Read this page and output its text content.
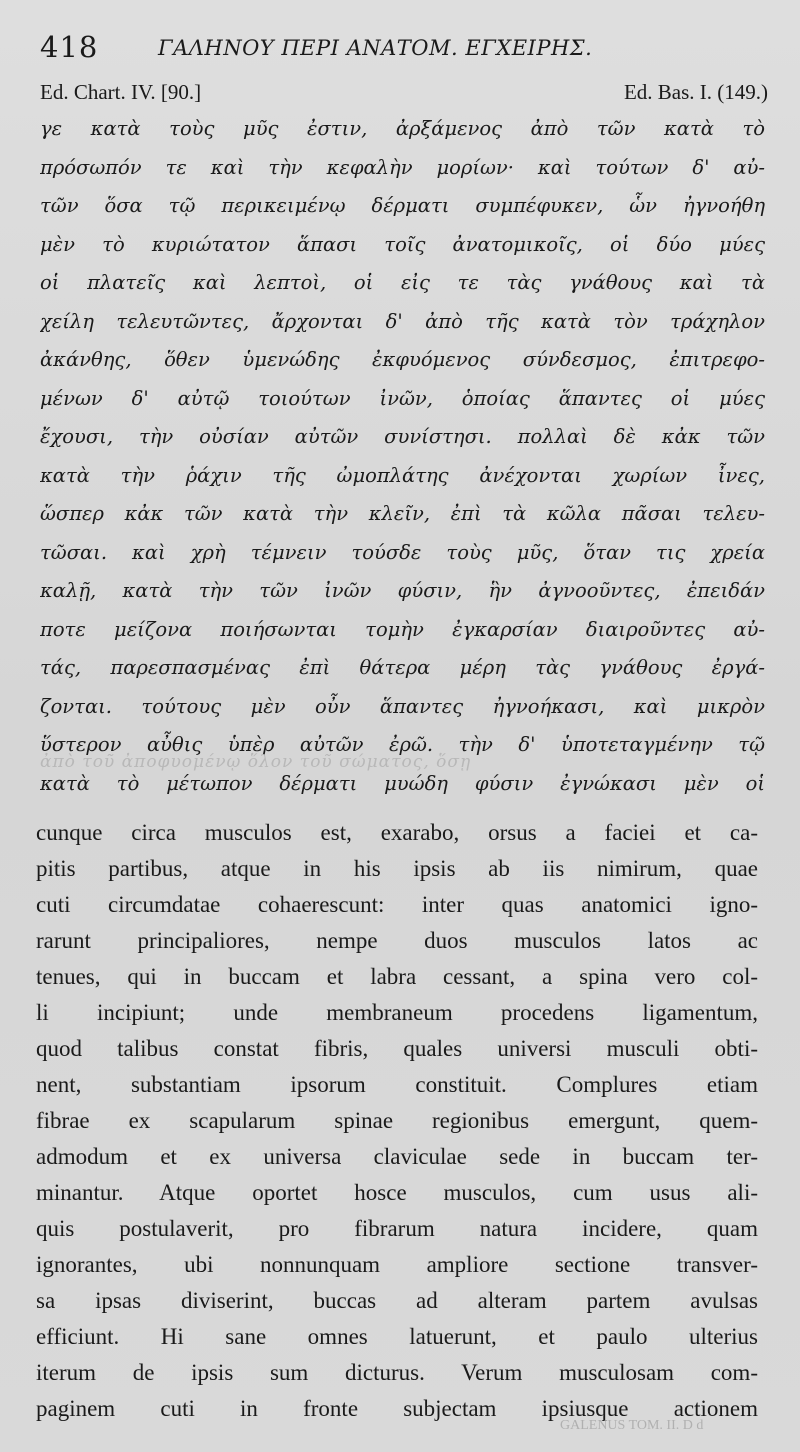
418	ΓΑΛΗΝΟΥ ΠΕΡΙ ΑΝΑΤΟΜ. ΕΓΧΕΙΡΗΣ.
Ed. Chart. IV. [90.]	Ed. Bas. I. (149.)
γε κατὰ τοὺς μῦς ἐστιν, ἀρξάμενος ἀπὸ τῶν κατὰ τὸ
πρόσωπόν τε καὶ τὴν κεφαλὴν μορίων· καὶ τούτων δ' αὐ-
τῶν ὅσα τῷ περικειμένῳ δέρματι συμπέφυκεν, ὧν ἠγνοήθη
μὲν τὸ κυριώτατον ἅπασι τοῖς ἀνατομικοῖς, οἱ δύο μύες
οἱ πλατεῖς καὶ λεπτοὶ, οἱ εἰς τε τὰς γνάθους καὶ τὰ
χείλη τελευτῶντες, ἄρχονται δ' ἀπὸ τῆς κατὰ τὸν τράχηλον
ἀκάνθης, ὅθεν ὑμενώδης ἐκφυόμενος σύνδεσμος, ἐπιτρεφο-
μένων δ' αὐτῷ τοιούτων ἰνῶν, ὁποίας ἅπαντες οἱ μύες
ἔχουσι, τὴν οὐσίαν αὐτῶν συνίστησι. πολλαὶ δὲ κἀκ τῶν
κατὰ τὴν ῥάχιν τῆς ὠμοπλάτης ἀνέχονται χωρίων ἶνες,
ὥσπερ κἀκ τῶν κατὰ τὴν κλεῖν, ἐπὶ τὰ κῶλα πᾶσαι τελευ-
τῶσαι. καὶ χρὴ τέμνειν τούσδε τοὺς μῦς, ὅταν τις χρεία
καλῇ, κατὰ τὴν τῶν ἰνῶν φύσιν, ἣν ἀγνοοῦντες, ἐπειδάν
ποτε μείζονα ποιήσωνται τομὴν ἐγκαρσίαν διαιροῦντες αὐ-
τάς, παρεσπασμένας ἐπὶ θάτερα μέρη τὰς γνάθους ἐργά-
ζονται. τούτους μὲν οὖν ἅπαντες ἠγνοήκασι, καὶ μικρὸν
ὕστερον αὖθις ὑπὲρ αὐτῶν ἐρῶ. τὴν δ' ὑποτεταγμένην τῷ
κατὰ τὸ μέτωπον δέρματι μυώδη φύσιν ἐγνώκασι μὲν οἱ
ἀπὸ τοῦ ἀποφυομένῳ ὅλον τοῦ σώματος, ὅσῃ
cunque circa musculos est, exarabo, orsus a faciei et ca-
pitis partibus, atque in his ipsis ab iis nimirum, quae
cuti circumdatae cohaerescunt: inter quas anatomici igno-
rarunt principaliores, nempe duos musculos latos ac
tenues, qui in buccam et labra cessant, a spina vero col-
li incipiunt; unde membraneum procedens ligamentum,
quod talibus constat fibris, quales universi musculi obti-
nent, substantiam ipsorum constituit. Complures etiam
fibrae ex scapularum spinae regionibus emergunt, quem-
admodum et ex universa claviculae sede in buccam ter-
minantur. Atque oportet hosce musculos, cum usus ali-
quis postulaverit, pro fibrarum natura incidere, quam
ignorantes, ubi nonnunquam ampliore sectione transver-
sa ipsas diviserint, buccas ad alteram partem avulsas
efficiunt. Hi sane omnes latuerunt, et paulo ulterius
iterum de ipsis sum dicturus. Verum musculosam com-
paginem cuti in fronte subjectam ipsiusque actionem
GALENUS TOM. II. D d
